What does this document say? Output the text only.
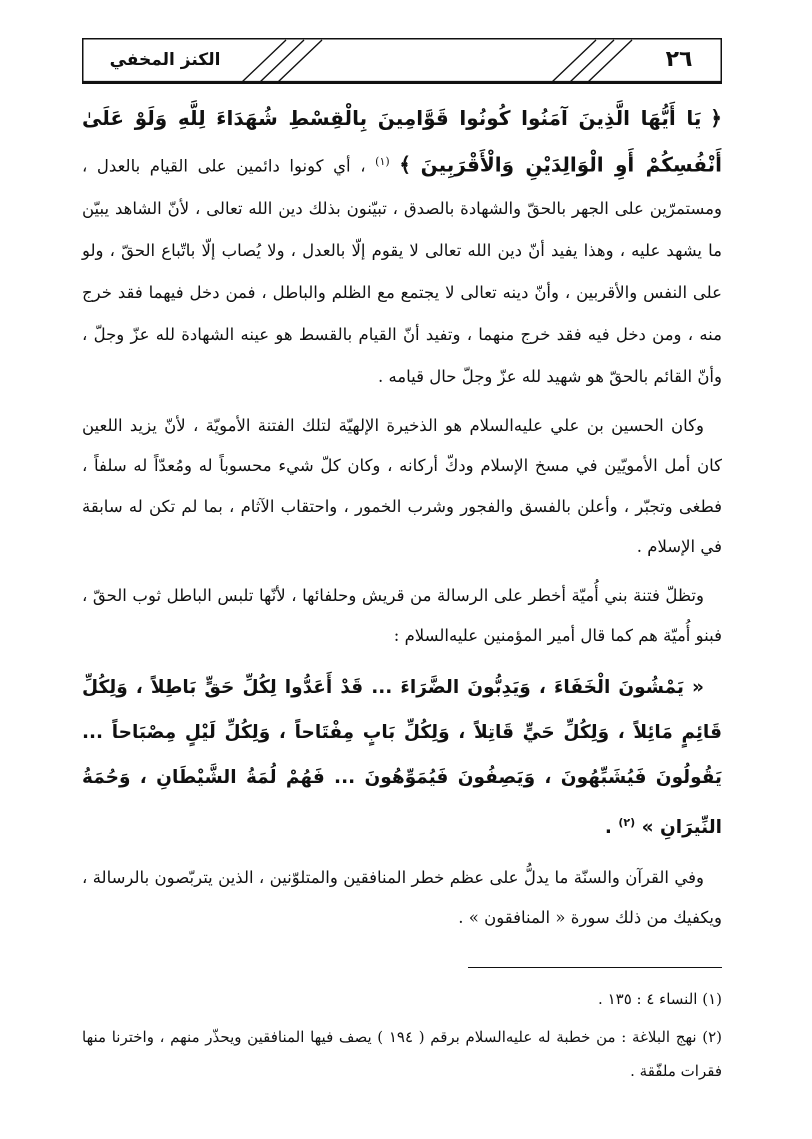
٢٦
الكنز المخفي

﴿ يَا أَيُّهَا الَّذِينَ آمَنُوا كُونُوا قَوَّامِينَ بِالْقِسْطِ شُهَدَاءَ لِلَّهِ وَلَوْ عَلَىٰ أَنْفُسِكُمْ أَوِ الْوَالِدَيْنِ وَالْأَقْرَبِينَ ﴾ $^{(١)}$ ، أي كونوا دائمين على القيام بالعدل ، ومستمرّين على الجهر بالحقّ والشهادة بالصدق ، تبيّنون بذلك دين الله تعالى ، لأنّ الشاهد يبيّن ما يشهد عليه ، وهذا يفيد أنّ دين الله تعالى لا يقوم إلّا بالعدل ، ولا يُصاب إلّا باتّباع الحقّ ، ولو على النفس والأقربين ، وأنّ دينه تعالى لا يجتمع مع الظلم والباطل ، فمن دخل فيهما فقد خرج منه ، ومن دخل فيه فقد خرج منهما ، وتفيد أنّ القيام بالقسط هو عينه الشهادة لله عزّ وجلّ ، وأنّ القائم بالحقّ هو شهيد لله عزّ وجلّ حال قيامه .

وكان الحسين بن علي عليه‌السلام هو الذخيرة الإلهيّة لتلك الفتنة الأمويّة ، لأنّ يزيد اللعين كان أمل الأمويّين في مسخ الإسلام ودكّ أركانه ، وكان كلّ شيء محسوباً له ومُعدّاً له سلفاً ، فطغى وتجبّر ، وأعلن بالفسق والفجور وشرب الخمور ، واحتقاب الآثام ، بما لم تكن له سابقة في الإسلام .

وتظلّ فتنة بني أُميّة أخطر على الرسالة من قريش وحلفائها ، لأنّها تلبس الباطل ثوب الحقّ ، فبنو أُميّة هم كما قال أمير المؤمنين عليه‌السلام :

« يَمْشُونَ الْخَفَاءَ ، وَيَدِبُّونَ الضَّرَاءَ ... قَدْ أَعَدُّوا لِكُلِّ حَقٍّ بَاطِلاً ، وَلِكُلِّ قَائِمٍ مَائِلاً ، وَلِكُلِّ حَيٍّ قَاتِلاً ، وَلِكُلِّ بَابٍ مِفْتَاحاً ، وَلِكُلِّ لَيْلٍ مِصْبَاحاً ... يَقُولُونَ فَيُشَبِّهُونَ ، وَيَصِفُونَ فَيُمَوِّهُونَ ... فَهُمْ لُمَةُ الشَّيْطَانِ ، وَحُمَةُ النِّيرَانِ » $^{(٢)}$ .

وفي القرآن والسنّة ما يدلُّ على عظم خطر المنافقين والمتلوّنين ، الذين يتربّصون بالرسالة ، ويكفيك من ذلك سورة « المنافقون » .

(١) النساء ٤ : ١٣٥ .

(٢) نهج البلاغة : من خطبة له عليه‌السلام برقم ( ١٩٤ ) يصف فيها المنافقين ويحذّر منهم ، واخترنا منها فقرات ملفّقة .
